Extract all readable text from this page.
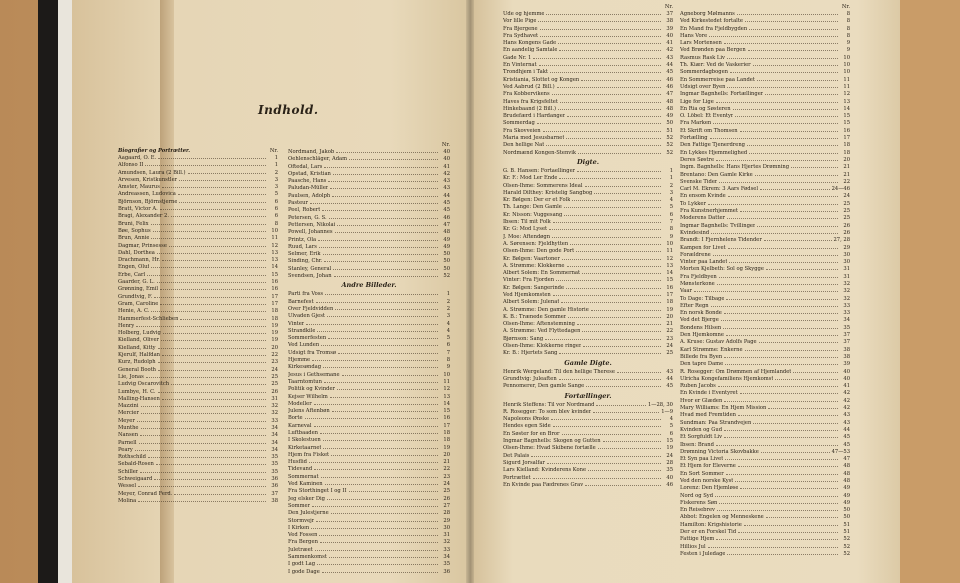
Indhold.
Biografier og Portrætter.	Nr.
Aagaard, O. E.	1
Alfonso II	1
Amundsen, Laura (2 Bill.)	2
Arvesen, Kristkunstler	3
Amster, Maurus	3
Andreassen, Ludovica	5
Björnson, Björnstjerne	6
Bratt, Victor A.	6
Bragi, Alexander 2.	6
Bruni, Felix	8
Bøe, Sophus	10
Brun, Annie	11
Dagmar, Prinsesse	12
Dahl, Dorthea	13
Drachmann, Hr.	13
Engen, Oluf	14
Erbe, Carl	15
Gaarder, G. L.	16
Grønning, Emil	16
Grundtvig, F.	17
Gram, Caroline	17
Henie, A. C.	18
Hammerfest-Schlieben	18
Henry	19
Holberg, Ludvig	19
Kielland, Oliver	19
Kielland, Kitty	20
Kjerulf, Halfdan	22
Kurz, Rudolph	23
General Booth	24
Lie, Jonas	25
Ludvig Oscarovitch	25
Lumbye, H. C.	26
Malling-Hansen	31
Mazzini	32
Mercier	32
Meyer	33
Munthe	34
Nansen	34
Parnell	34
Peary	34
Rothschild	35
Sebald-Rosen	35
Schiller	35
Schweigaard	36
Wessel	36
Meyer, Conrad Ferd.	37
Molina	38
Nr.
Nordmand, Jakob	40
Oehlenschläger, Adam	40
Oftedal, Lars	41
Opstad, Kristian	42
Paasche, Hans	43
Paludan-Müller	43
Paulsen, Adolph	44
Pasteur	45
Peel, Robert	45
Petersen, G. S.	46
Pettersen, Nikolai	47
Powell, Johannes	48
Printz, Ola	49
Ruud, Lars	49
Selmer, Erik	50
Sinding, Chr.	50
Stanley, General	50
Svendsen, Johan	52
Andre Billeder.
Parti fra Voss	1
Barnefest	2
Over Fjeldvidden	2
Ulvaden Gjest	3
Vinter	4
Strandkile	4
Sommerfesten	5
Ved Lunden	6
Udsigt fra Tromsø	7
Hjemme	8
Kirkesøndag	9
Jesus i Gethsemane	10
Taarntomtun	11
Politik og Kvinder	12
Kejser Wilhelm	13
Modeller	14
Julens Aftenbøn	15
Borte	16
Karneval	17
Luftbaaden	18
I Skolestuen	18
Kirketaarnet	19
Hjem fra Fisket	20
Husflid	21
Tidevand	22
Sommernat	23
Ved Kaminen	24
Fra Storthinget I og II	25
Jeg elsker Dig	26
Sommer	27
Den Julestjerne	28
Stormvejr	29
I Kirken	30
Ved Fossen	31
Fra Bergen	32
Juletræet	33
Sammenkomst	34
I godt Lag	35
I gode Dage	36
Nr.
Ude og hjemme	37
Vor lille Pige	38
Fra Bjergene	39
Fra Sydhavet	40
Hans Kongens Gade	41
En aandelig Samtale	42
Gade Nr. 1	43
En Vinternat	44
Trondhjem i Takt	45
Kristiania, Slottet og Kongen	46
Ved Aabrud (2 Bill.)	46
Fra Kobbervikens	47
Haves fra Krigsfeltet	48
Hinkebaand (2 Bill.)	48
Brudefærd i Hardanger	49
Sommerdag	50
Fra Skovveien	51
Maria med Jesusbarnet	52
Den hellige Nat	52
Nordmænd Kongen-Stenvik	52
Digte.
G. B. Hansen: Fortaellinger	1
Kr. F.: Mod Ler Ende	1
Olsen-Ihme: Sommerens Ideal	2
Harald Dilthey: Kristelig Sangbog	3
Kr. Bølgen: Der er et Folk	4
Th. Lange: Den Gamle	5
Kr. Nisson: Vuggesang	6
Ibsen: Til mit Folk	7
Kr. G: Mod Lyset	8
J. Moe: Aftendøgn	9
A. Sørensen: Fjeldhytten	10
Olsen-Ihme: Den gode Port	11
Kr. Bølgen: Vaartoner	12
A. Strømme: Klokkerne	13
Albert Solem: En Sommernat	14
Vinter: Fra Fjorden	15
Kr. Bølgen: Sangerinde	16
Ved Hjemkomsten	17
Albert Solem: Julenat	18
A. Strømme: Den gamle Historie	19
K. B.: Trænede Sommer	20
Olsen-Ihme: Aftenstemning	21
A. Strømme: Ved Flyttedagen	22
Bjørnson: Sang	23
Olsen-Ihme: Klokkerne ringer	24
Kr. B.: Hjertets Sang	25
Gamle Digte.
Henrik Wergeland: Til den hellige Therese	43
Grundtvig: Juleaften	44
Pennomerer, Den gamle Sange	45
Fortællinger.
Henrik Steffens: Til vor Nordmand	1—28, 30
R. Rosegger: To som blev kvinder	1—9
Napoleons Ønske	4
Hendes egen Side	5
En Søster for en Bror	6
Ingmar Bagnhells: Skogen og Gutten	15
Olsen-Ihme: Hvad Skibene fortælle	19
Det Palais	24
Sigurd Jorsalfar	28
Lars Kielland: Kvinderens Kone	35
Portrættet	40
En Kvinde paa Fædrenes Grav	46
Nr.
Agneborg Mølmanns	8
Ved Kirkestedet fortalte	8
En Mand fra Fjeldbygden	8
Hans Vore	8
Lars Mortensen	9
Ved Brønden paa Bergen	9
Rasmus Rask Liv	10
Th. Kiær: Ved de Vaskerier	10
Sommerdagbogen	10
En Sommerreise paa Landet	11
Udsigt over Byen	11
Ingmar Bagnhells: Fortællinger	12
Lige for Lige	13
En Ria og Søsteren	14
O. Löbel: Et Eventyr	15
Fra Marken	15
Et Skrift om Thomsen	16
Fortælling	17
Den Fattige Tjenerdreng	18
En Lykkes Hjemmelighed	18
Deres Søstre	20
Ingm. Bagnhells: Hans Hjertes Drømning	21
Brentano: Den Gamle Kirke	21
Svenske Tider	22
Carl M. Ekrem: 3 Aars Fødsel	24—46
En ensom Kvinde	24
To Lykker	25
Fra Kunstnerhjemmet	25
Moderens Datter	25
Ingmar Bagnhells: Tvillinger	26
Kvindesind	26
Brandt: I Fjernhelens Tidender	27, 28
Kampen for Livet	29
Forældrene	30
Vinter paa Landet	30
Morten Kjelbeth: Sol og Skygge	31
Fra Fjeldbyen	31
Mønsterkone	32
Vaar	32
To Dage: Tilbage	32
Efter Regn	33
En norsk Bonde	33
Ved det Bjerge	34
Bondens Hilsen	35
Den Hjemkomne	37
A. Kruse: Gustav Adolfs Page	37
Karl Strømme: Enkerne	38
Billede fra Byen	38
Den tapre Dame	39
R. Rosegger: Om Drømmen af Hjemlandet	40
Ulricha Kongefamiliens Hjemkomst	40
Ruben Jacobs	41
En Kvinde i Eventyret	42
Hvor er Glæden	42
Mary Williams: En Hjem Mission	42
Hvad med Fremtiden	43
Sundman: Paa Strandvejen	43
Kvinden og Gud	44
Et Sorgfuldt Liv	45
Ibsen: Brand	45
Drømning Victoria Skovbakke	47—53
Et Syn paa Livet	47
Et Hjem for Eleverne	48
En Sort Sommer	48
Ved den norske Kyst	48
Lorenz: Den Hjemløse	49
Nord og Syd	49
Fiskerens Søn	49
En Reisebrev	50
Abbot: Engelen og Menneskene	50
Hamilton: Krigshistorie	51
Der er en Forskel Tid	51
Fattige Hjem	52
Hillios Jul	52
Festen i Juledage	52
